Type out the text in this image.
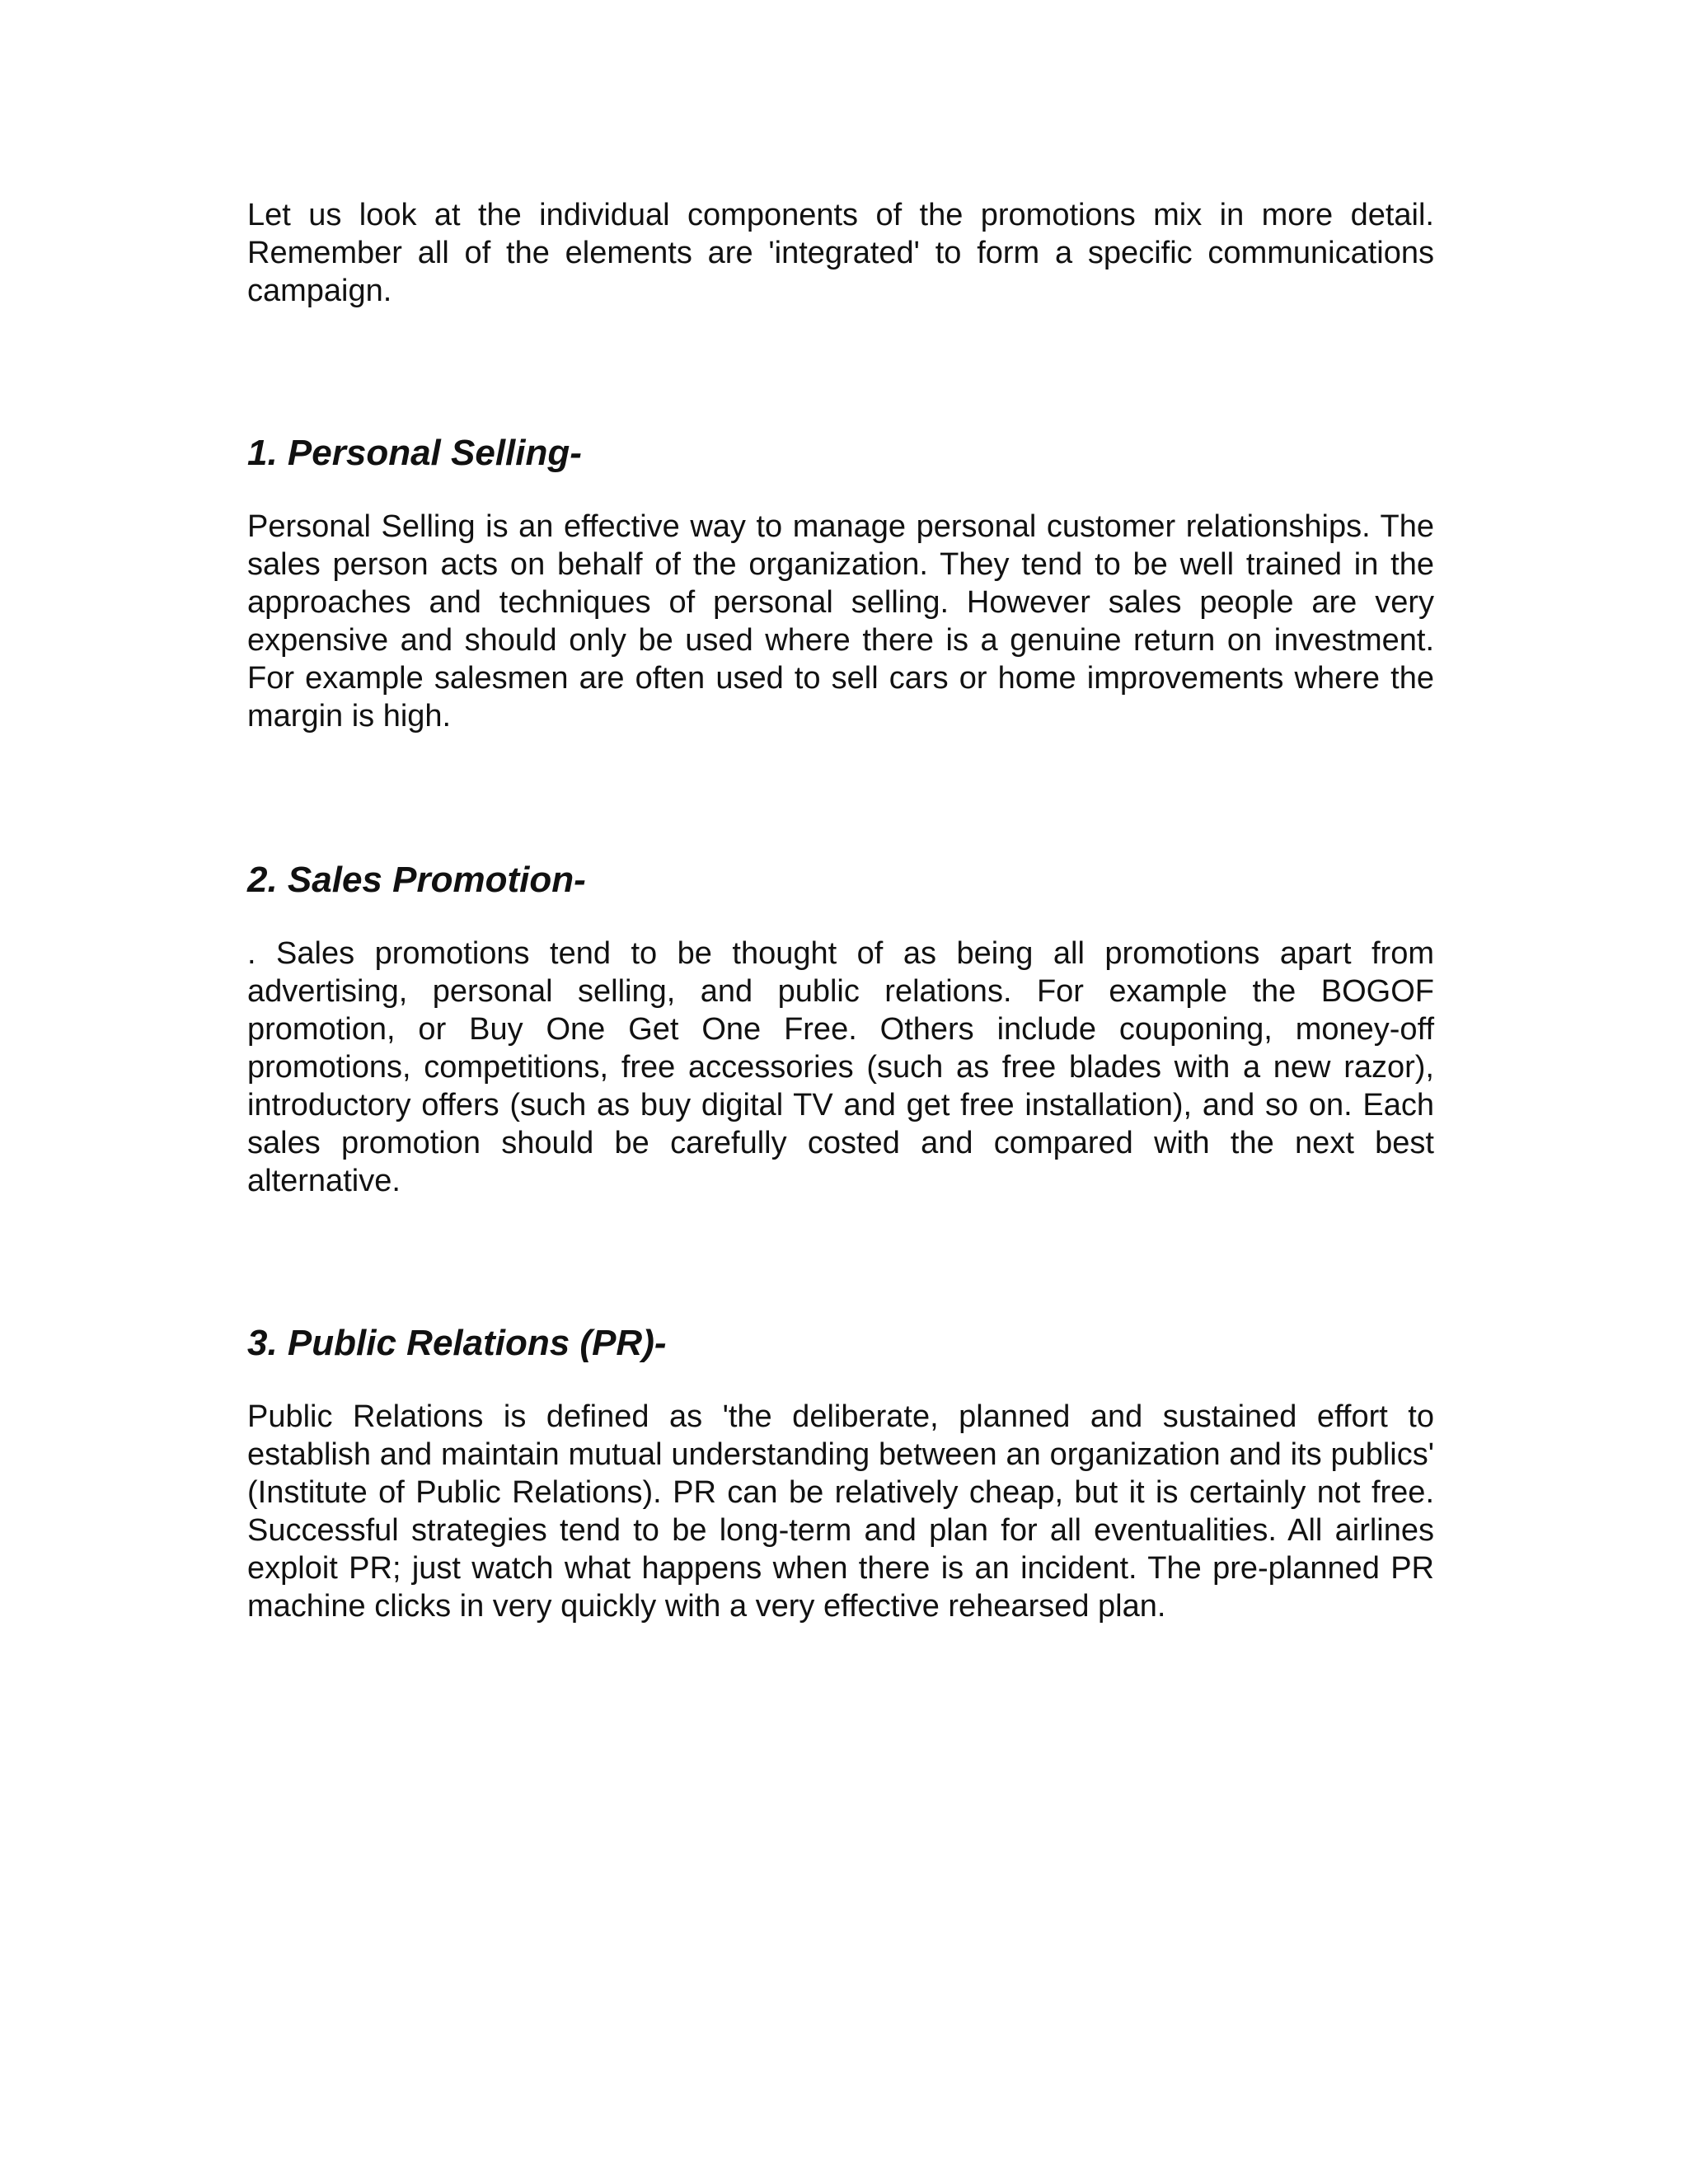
Let us look at the individual components of the promotions mix in more detail. Remember all of the elements are 'integrated' to form a specific communications campaign.

1. Personal Selling-

Personal Selling is an effective way to manage personal customer relationships. The sales person acts on behalf of the organization. They tend to be well trained in the approaches and techniques of personal selling. However sales people are very expensive and should only be used where there is a genuine return on investment. For example salesmen are often used to sell cars or home improvements where the margin is high.

2. Sales Promotion-

. Sales promotions tend to be thought of as being all promotions apart from advertising, personal selling, and public relations. For example the BOGOF promotion, or Buy One Get One Free. Others include couponing, money-off promotions, competitions, free accessories (such as free blades with a new razor), introductory offers (such as buy digital TV and get free installation), and so on. Each sales promotion should be carefully costed and compared with the next best alternative.

3. Public Relations (PR)-

Public Relations is defined as 'the deliberate, planned and sustained effort to establish and maintain mutual understanding between an organization and its publics' (Institute of Public Relations). PR can be relatively cheap, but it is certainly not free. Successful strategies tend to be long-term and plan for all eventualities. All airlines exploit PR; just watch what happens when there is an incident. The pre-planned PR machine clicks in very quickly with a very effective rehearsed plan.
